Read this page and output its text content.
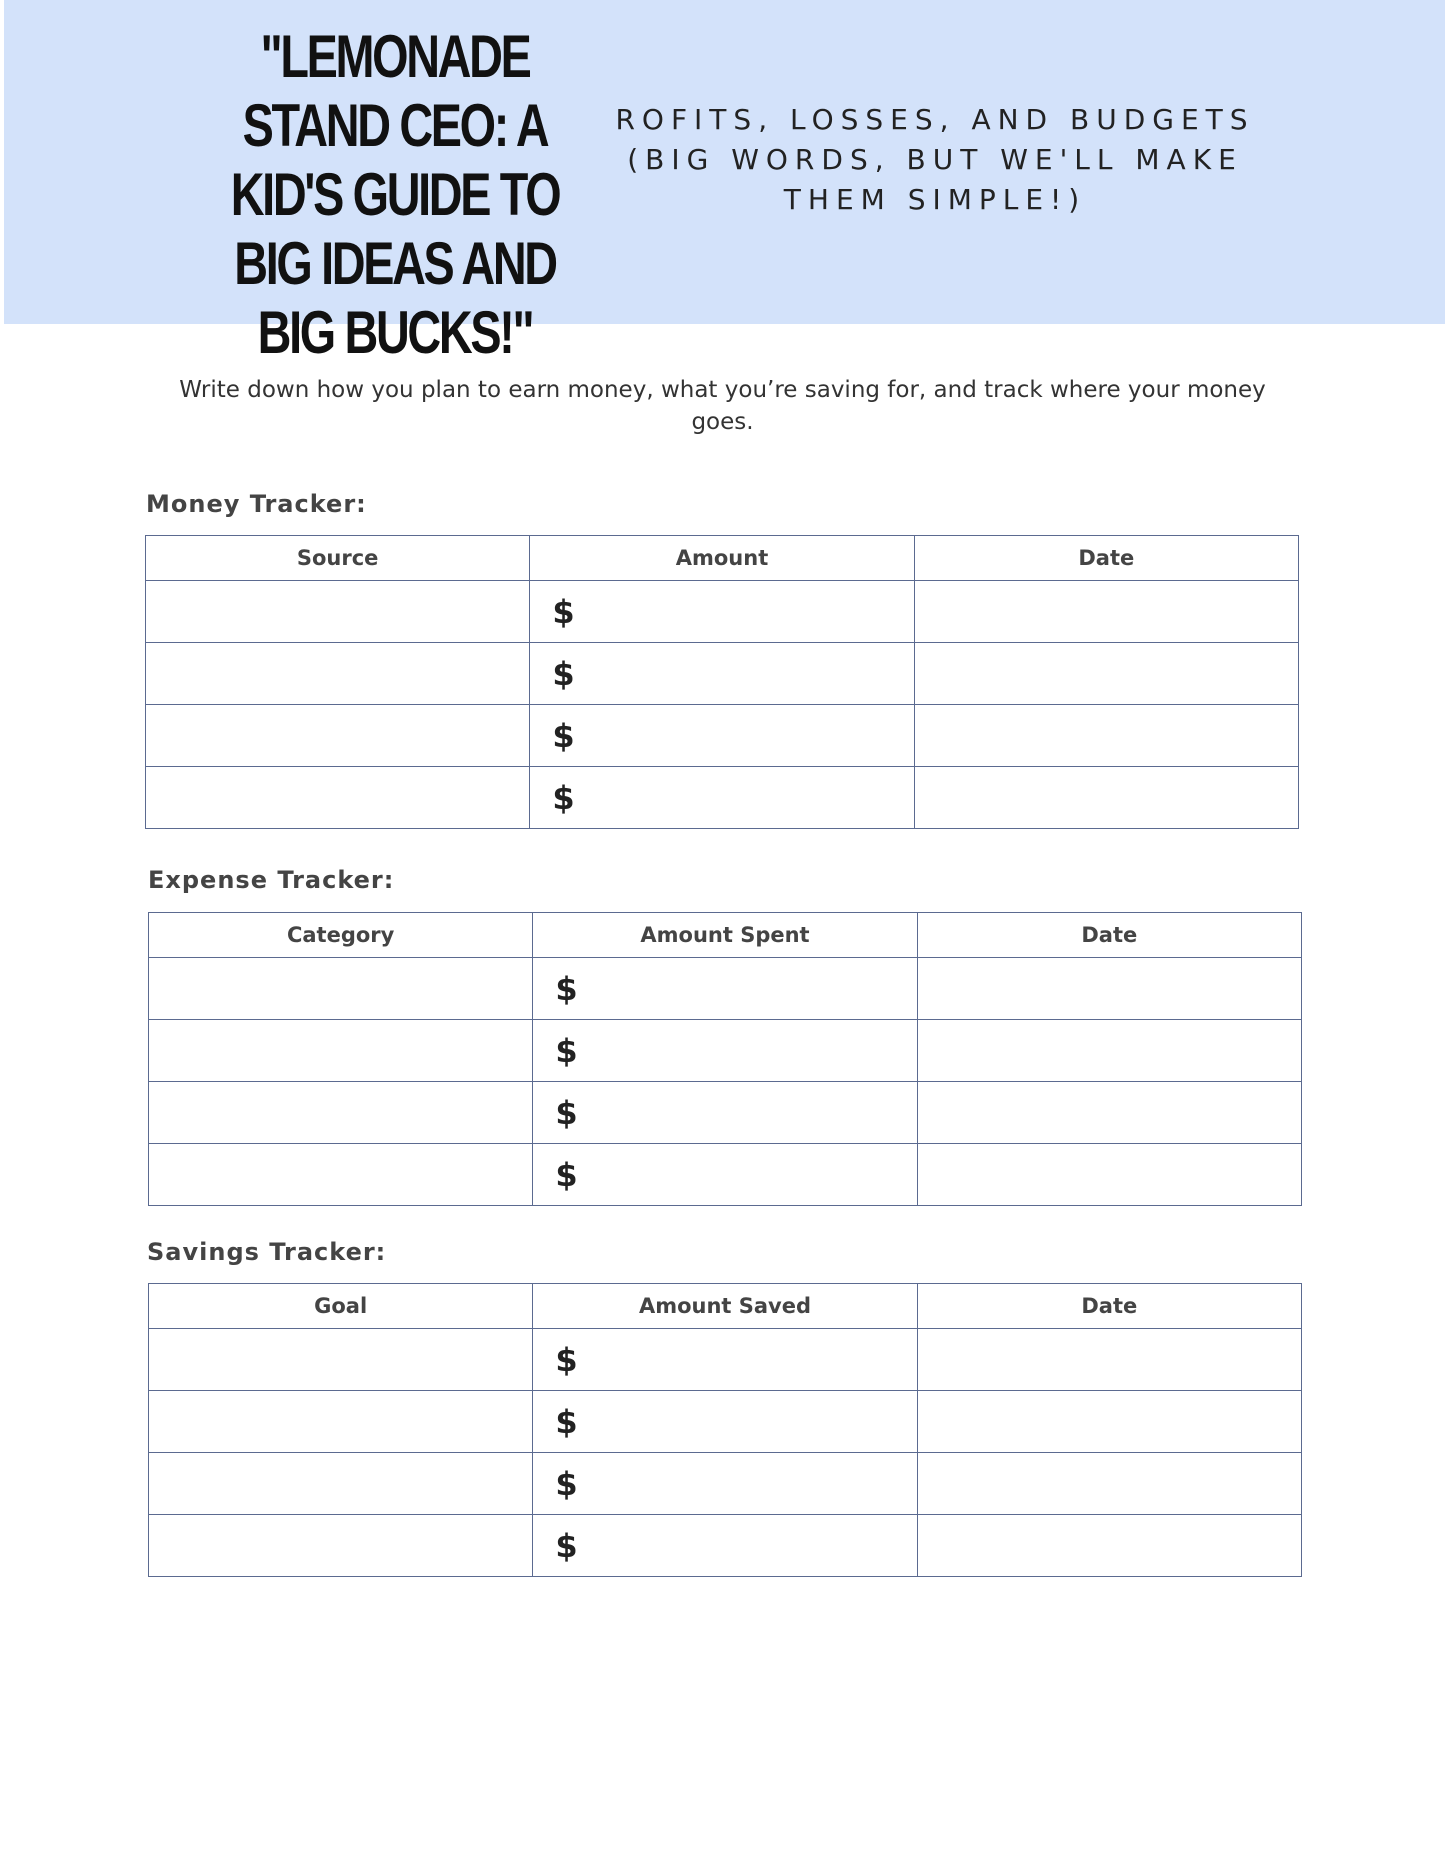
"LEMONADE STAND CEO: A KID'S GUIDE TO BIG IDEAS AND BIG BUCKS!"

ROFITS, LOSSES, AND BUDGETS (BIG WORDS, BUT WE'LL MAKE THEM SIMPLE!)

Write down how you plan to earn money, what you’re saving for, and track where your money goes.

Money Tracker:
Source	Amount	Date
	$	
	$	
	$	
	$	
Expense Tracker:
Category	Amount Spent	Date
	$	
	$	
	$	
	$	
Savings Tracker:
Goal	Amount Saved	Date
	$	
	$	
	$	
	$	
